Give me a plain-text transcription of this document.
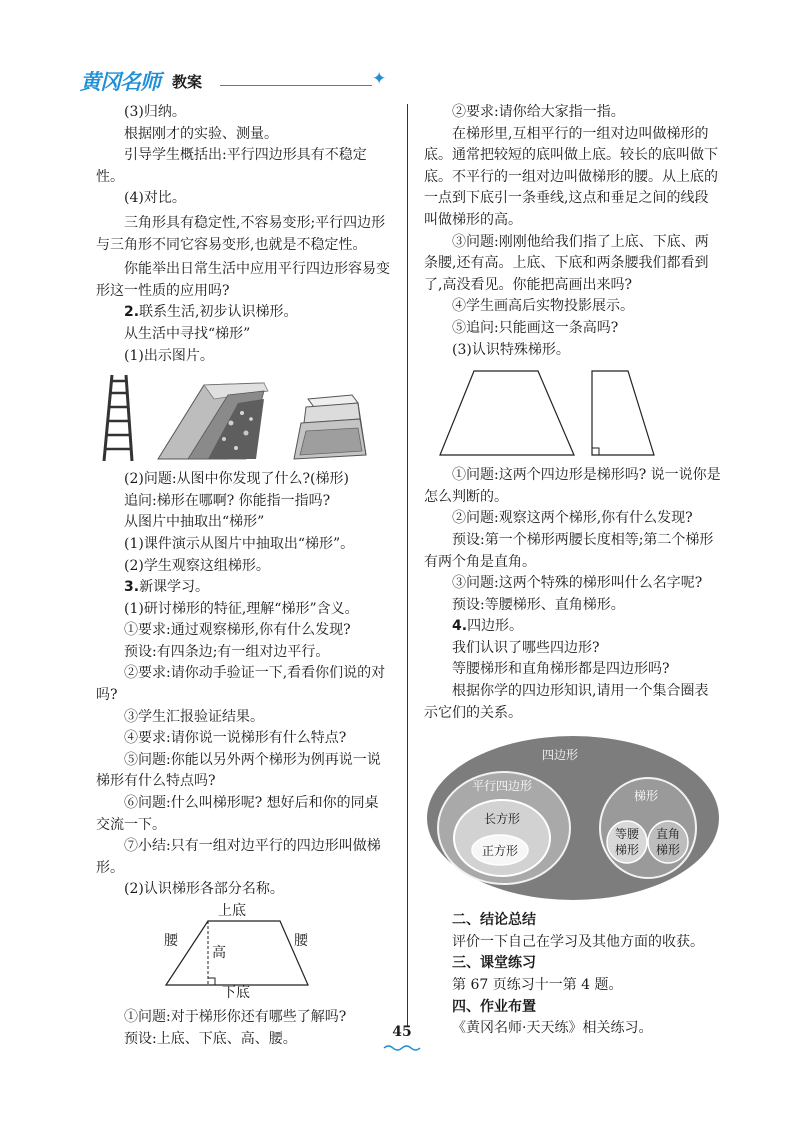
黄冈名师 教案	✦

(3)归纳。

根据刚才的实验、测量。

引导学生概括出:平行四边形具有不稳定性。

(4)对比。

三角形具有稳定性,不容易变形;平行四边形与三角形不同它容易变形,也就是不稳定性。

你能举出日常生活中应用平行四边形容易变形这一性质的应用吗?

2.联系生活,初步认识梯形。

从生活中寻找“梯形”

(1)出示图片。

(2)问题:从图中你发现了什么?(梯形)

追问:梯形在哪啊? 你能指一指吗?

从图片中抽取出“梯形”

(1)课件演示从图片中抽取出“梯形”。

(2)学生观察这组梯形。

3.新课学习。

(1)研讨梯形的特征,理解“梯形”含义。

①要求:通过观察梯形,你有什么发现?

预设:有四条边;有一组对边平行。

②要求:请你动手验证一下,看看你们说的对吗?

③学生汇报验证结果。

④要求:请你说一说梯形有什么特点?

⑤问题:你能以另外两个梯形为例再说一说梯形有什么特点吗?

⑥问题:什么叫梯形呢? 想好后和你的同桌交流一下。

⑦小结:只有一组对边平行的四边形叫做梯形。

(2)认识梯形各部分名称。

上底
腰	腰
高
下底

①问题:对于梯形你还有哪些了解吗?

预设:上底、下底、高、腰。

②要求:请你给大家指一指。

在梯形里,互相平行的一组对边叫做梯形的底。通常把较短的底叫做上底。较长的底叫做下底。不平行的一组对边叫做梯形的腰。从上底的一点到下底引一条垂线,这点和垂足之间的线段叫做梯形的高。

③问题:刚刚他给我们指了上底、下底、两条腰,还有高。上底、下底和两条腰我们都看到了,高没看见。你能把高画出来吗?

④学生画高后实物投影展示。

⑤追问:只能画这一条高吗?

(3)认识特殊梯形。

①问题:这两个四边形是梯形吗? 说一说你是怎么判断的。

②问题:观察这两个梯形,你有什么发现?

预设:第一个梯形两腰长度相等;第二个梯形有两个角是直角。

③问题:这两个特殊的梯形叫什么名字呢?

预设:等腰梯形、直角梯形。

4.四边形。

我们认识了哪些四边形?

等腰梯形和直角梯形都是四边形吗?

根据你学的四边形知识,请用一个集合圈表示它们的关系。

四边形
平行四边形
长方形
正方形
梯形
等腰
梯形
直角
梯形

二、结论总结

评价一下自己在学习及其他方面的收获。

三、课堂练习

第 67 页练习十一第 4 题。

四、作业布置

《黄冈名师·天天练》相关练习。

45
